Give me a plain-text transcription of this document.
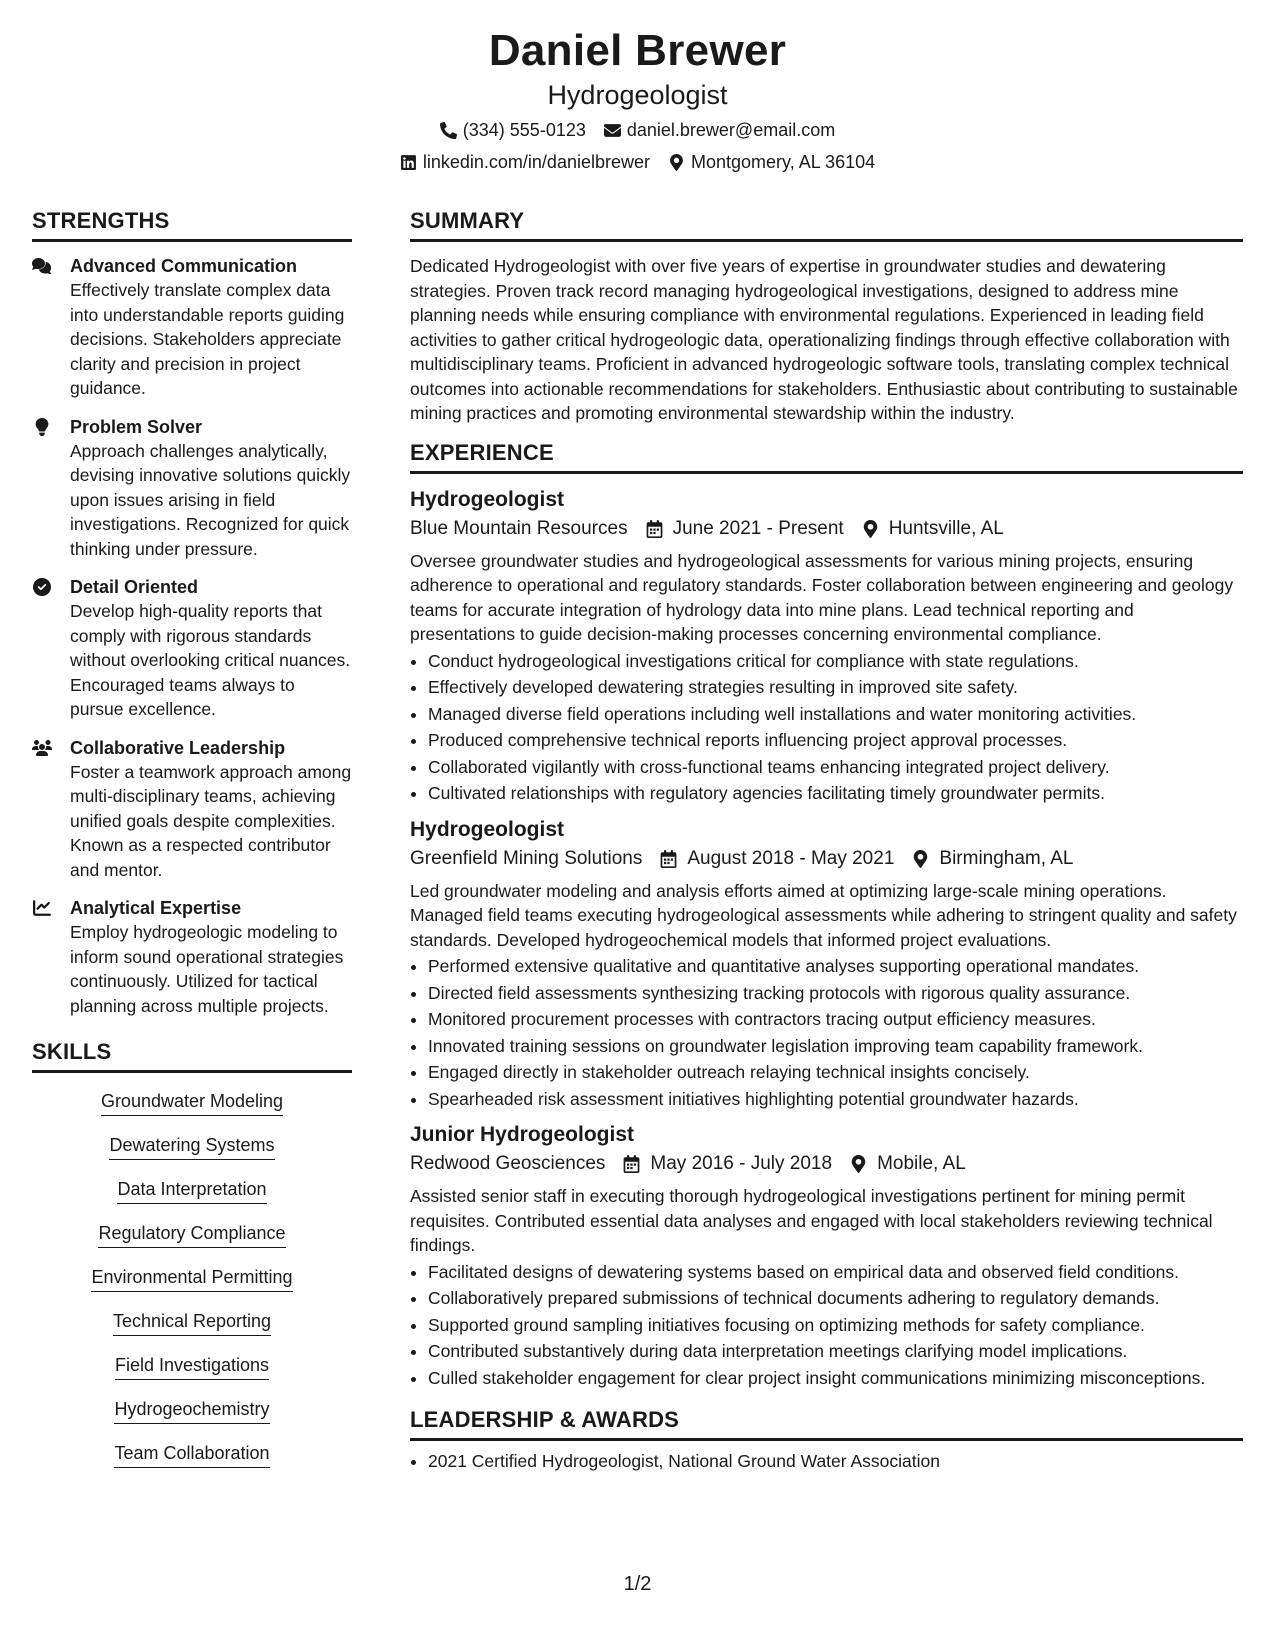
Daniel Brewer
Hydrogeologist
(334) 555-0123 daniel.brewer@email.com
linkedin.com/in/danielbrewer Montgomery, AL 36104
STRENGTHS
Advanced Communication
Effectively translate complex data into understandable reports guiding decisions. Stakeholders appreciate clarity and precision in project guidance.
Problem Solver
Approach challenges analytically, devising innovative solutions quickly upon issues arising in field investigations. Recognized for quick thinking under pressure.
Detail Oriented
Develop high-quality reports that comply with rigorous standards without overlooking critical nuances. Encouraged teams always to pursue excellence.
Collaborative Leadership
Foster a teamwork approach among multi-disciplinary teams, achieving unified goals despite complexities. Known as a respected contributor and mentor.
Analytical Expertise
Employ hydrogeologic modeling to inform sound operational strategies continuously. Utilized for tactical planning across multiple projects.
SKILLS
Groundwater Modeling
Dewatering Systems
Data Interpretation
Regulatory Compliance
Environmental Permitting
Technical Reporting
Field Investigations
Hydrogeochemistry
Team Collaboration
SUMMARY
Dedicated Hydrogeologist with over five years of expertise in groundwater studies and dewatering strategies. Proven track record managing hydrogeological investigations, designed to address mine planning needs while ensuring compliance with environmental regulations. Experienced in leading field activities to gather critical hydrogeologic data, operationalizing findings through effective collaboration with multidisciplinary teams. Proficient in advanced hydrogeologic software tools, translating complex technical outcomes into actionable recommendations for stakeholders. Enthusiastic about contributing to sustainable mining practices and promoting environmental stewardship within the industry.
EXPERIENCE
Hydrogeologist
Blue Mountain Resources June 2021 - Present Huntsville, AL
Oversee groundwater studies and hydrogeological assessments for various mining projects, ensuring adherence to operational and regulatory standards. Foster collaboration between engineering and geology teams for accurate integration of hydrology data into mine plans. Lead technical reporting and presentations to guide decision-making processes concerning environmental compliance.
• Conduct hydrogeological investigations critical for compliance with state regulations.
• Effectively developed dewatering strategies resulting in improved site safety.
• Managed diverse field operations including well installations and water monitoring activities.
• Produced comprehensive technical reports influencing project approval processes.
• Collaborated vigilantly with cross-functional teams enhancing integrated project delivery.
• Cultivated relationships with regulatory agencies facilitating timely groundwater permits.
Hydrogeologist
Greenfield Mining Solutions August 2018 - May 2021 Birmingham, AL
Led groundwater modeling and analysis efforts aimed at optimizing large-scale mining operations. Managed field teams executing hydrogeological assessments while adhering to stringent quality and safety standards. Developed hydrogeochemical models that informed project evaluations.
• Performed extensive qualitative and quantitative analyses supporting operational mandates.
• Directed field assessments synthesizing tracking protocols with rigorous quality assurance.
• Monitored procurement processes with contractors tracing output efficiency measures.
• Innovated training sessions on groundwater legislation improving team capability framework.
• Engaged directly in stakeholder outreach relaying technical insights concisely.
• Spearheaded risk assessment initiatives highlighting potential groundwater hazards.
Junior Hydrogeologist
Redwood Geosciences May 2016 - July 2018 Mobile, AL
Assisted senior staff in executing thorough hydrogeological investigations pertinent for mining permit requisites. Contributed essential data analyses and engaged with local stakeholders reviewing technical findings.
• Facilitated designs of dewatering systems based on empirical data and observed field conditions.
• Collaboratively prepared submissions of technical documents adhering to regulatory demands.
• Supported ground sampling initiatives focusing on optimizing methods for safety compliance.
• Contributed substantively during data interpretation meetings clarifying model implications.
• Culled stakeholder engagement for clear project insight communications minimizing misconceptions.
LEADERSHIP & AWARDS
• 2021 Certified Hydrogeologist, National Ground Water Association
1/2
